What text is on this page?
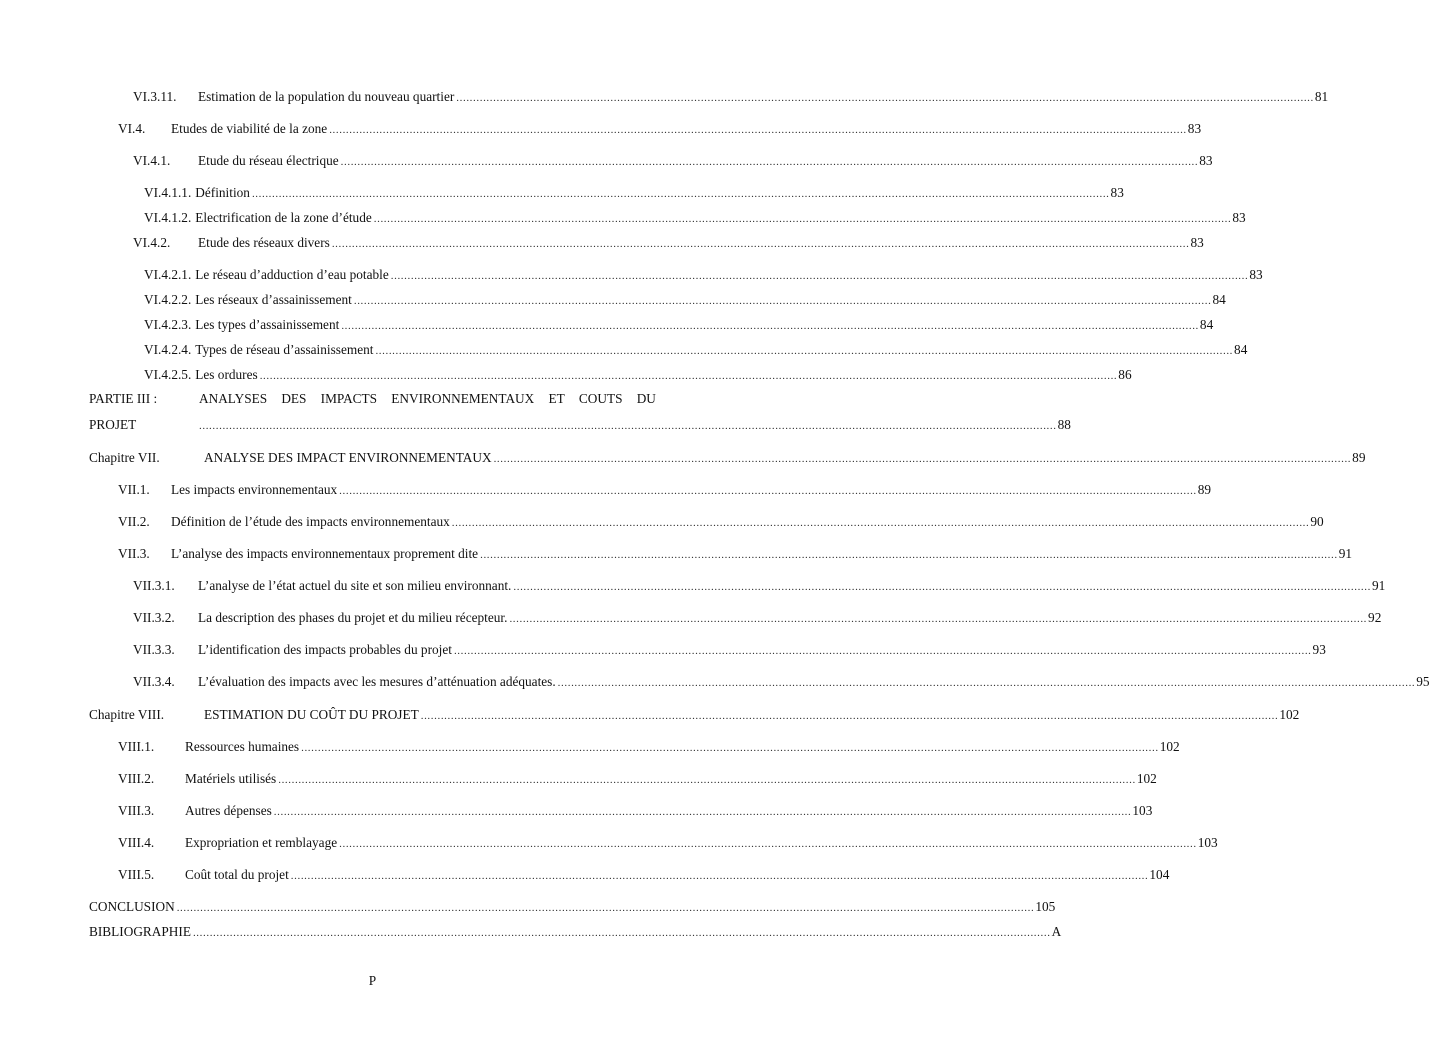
VI.3.11.	Estimation de la population du nouveau quartier .....	81
VI.4.	Etudes de viabilité de la zone .....	83
VI.4.1.	Etude du réseau électrique .....	83
VI.4.1.1. Définition .....	83
VI.4.1.2. Electrification de la zone d’étude .....	83
VI.4.2.	Etude des réseaux divers .....	83
VI.4.2.1. Le réseau d’adduction d’eau potable .....	83
VI.4.2.2. Les réseaux d’assainissement .....	84
VI.4.2.3. Les types d’assainissement .....	84
VI.4.2.4. Types de réseau d’assainissement .....	84
VI.4.2.5. Les ordures .....	86
PARTIE III :	ANALYSES DES IMPACTS ENVIRONNEMENTAUX ET COUTS DU
PROJET .....	88
Chapitre VII.	ANALYSE DES IMPACT ENVIRONNEMENTAUX .....	89
VII.1.	Les impacts environnementaux .....	89
VII.2.	Définition de l’étude des impacts environnementaux .....	90
VII.3.	L’analyse des impacts environnementaux proprement dite .....	91
VII.3.1.	L’analyse de l’état actuel du site et son milieu environnant. .....	91
VII.3.2.	La description des phases du projet et du milieu récepteur. .....	92
VII.3.3.	L’identification des impacts probables du projet .....	93
VII.3.4.	L’évaluation des impacts avec les mesures d’atténuation adéquates. .....	95
Chapitre VIII.	ESTIMATION DU COÛT DU PROJET .....	102
VIII.1.	Ressources humaines .....	102
VIII.2.	Matériels utilisés .....	102
VIII.3.	Autres dépenses .....	103
VIII.4.	Expropriation et remblayage .....	103
VIII.5.	Coût total du projet .....	104
CONCLUSION .....	105
BIBLIOGRAPHIE .....	A
P
